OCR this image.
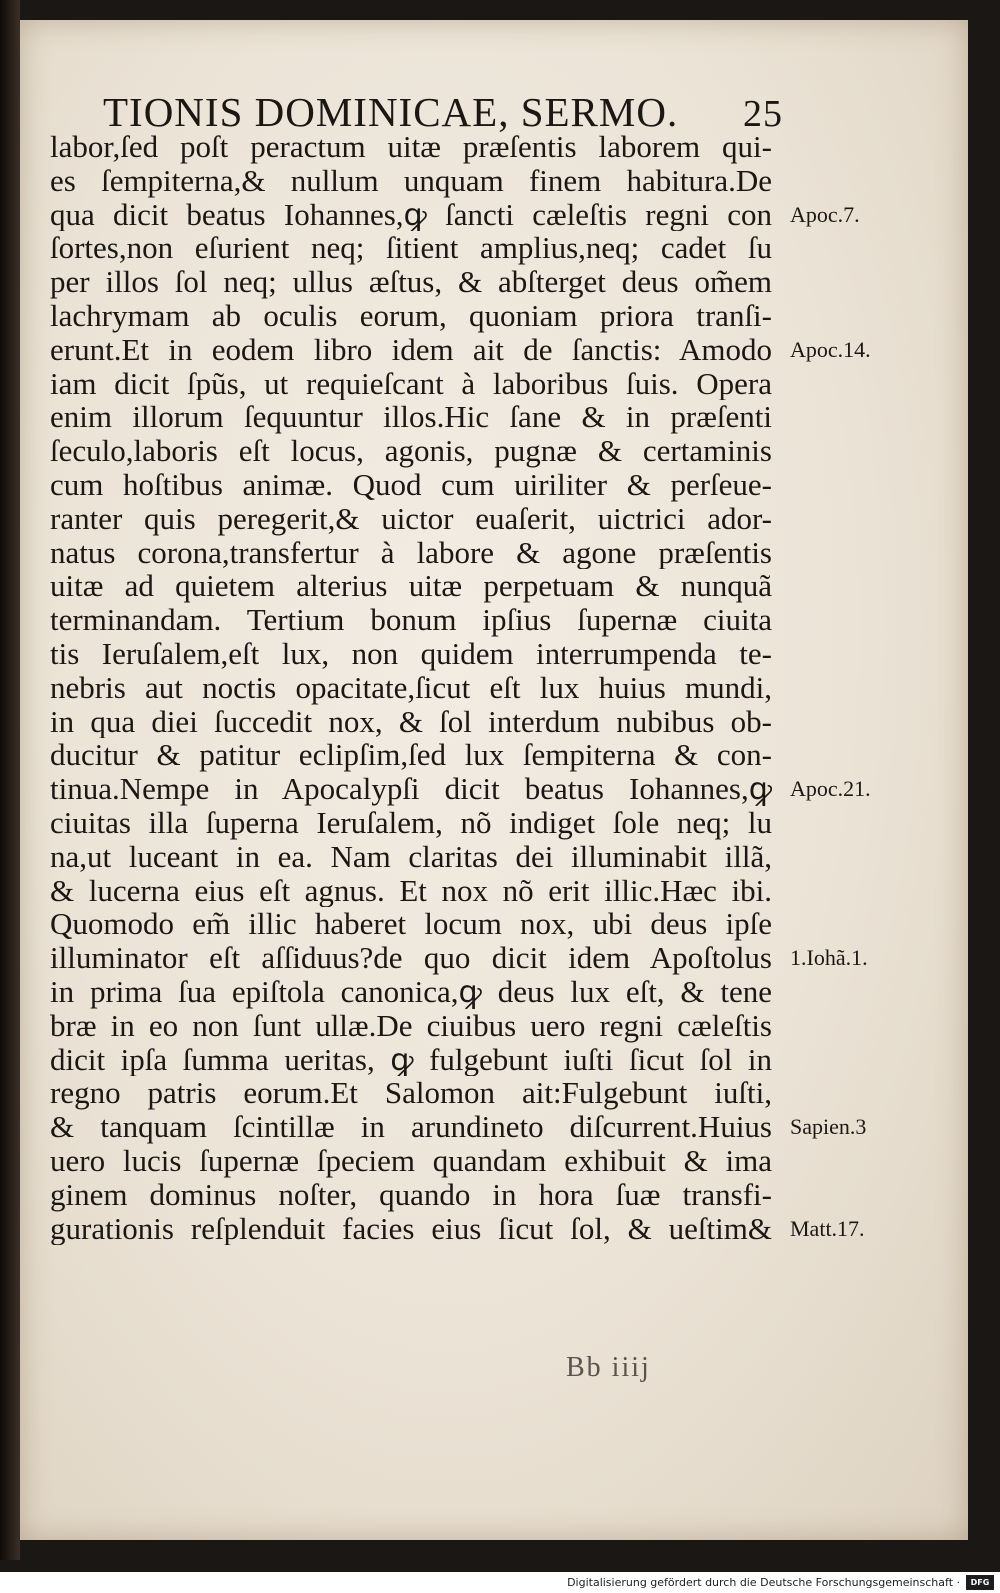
TIONIS DOMINICAE, SERMO.	25
labor,ſed poſt peractum uitæ præſentis laborem qui-
es ſempiterna,& nullum unquam finem habitura.De
qua dicit beatus Iohannes,ꝙ ſancti cæleſtis regni con
ſortes,non eſurient neq; ſitient amplius,neq; cadet ſu
per illos ſol neq; ullus æſtus, & abſterget deus om̃em
lachrymam ab oculis eorum, quoniam priora tranſi-
erunt.Et in eodem libro idem ait de ſanctis: Amodo
iam dicit ſpũs, ut requieſcant à laboribus ſuis. Opera
enim illorum ſequuntur illos.Hic ſane & in præſenti
ſeculo,laboris eſt locus, agonis, pugnæ & certaminis
cum hoſtibus animæ. Quod cum uiriliter & perſeue-
ranter quis peregerit,& uictor euaſerit, uictrici ador-
natus corona,transfertur à labore & agone præſentis
uitæ ad quietem alterius uitæ perpetuam & nunquã
terminandam. Tertium bonum ipſius ſupernæ ciuita
tis Ieruſalem,eſt lux, non quidem interrumpenda te-
nebris aut noctis opacitate,ſicut eſt lux huius mundi,
in qua diei ſuccedit nox, & ſol interdum nubibus ob-
ducitur & patitur eclipſim,ſed lux ſempiterna & con-
tinua.Nempe in Apocalypſi dicit beatus Iohannes,ꝙ
ciuitas illa ſuperna Ieruſalem, nõ indiget ſole neq; lu
na,ut luceant in ea. Nam claritas dei illuminabit illã,
& lucerna eius eſt agnus. Et nox nõ erit illic.Hæc ibi.
Quomodo em̃ illic haberet locum nox, ubi deus ipſe
illuminator eſt aſſiduus?de quo dicit idem Apoſtolus
in prima ſua epiſtola canonica,ꝙ deus lux eſt, & tene
bræ in eo non ſunt ullæ.De ciuibus uero regni cæleſtis
dicit ipſa ſumma ueritas, ꝙ fulgebunt iuſti ſicut ſol in
regno patris eorum.Et Salomon ait:Fulgebunt iuſti,
& tanquam ſcintillæ in arundineto diſcurrent.Huius
uero lucis ſupernæ ſpeciem quandam exhibuit & ima
ginem dominus noſter, quando in hora ſuæ transfi-
gurationis reſplenduit facies eius ſicut ſol, & ueſtim&
Apoc.7.
Apoc.14.
Apoc.21.
1.Iohã.1.
Sapien.3
Matt.17.
Bb iiij
Digitalisierung gefördert durch die Deutsche Forschungsgemeinschaft ·	DFG
